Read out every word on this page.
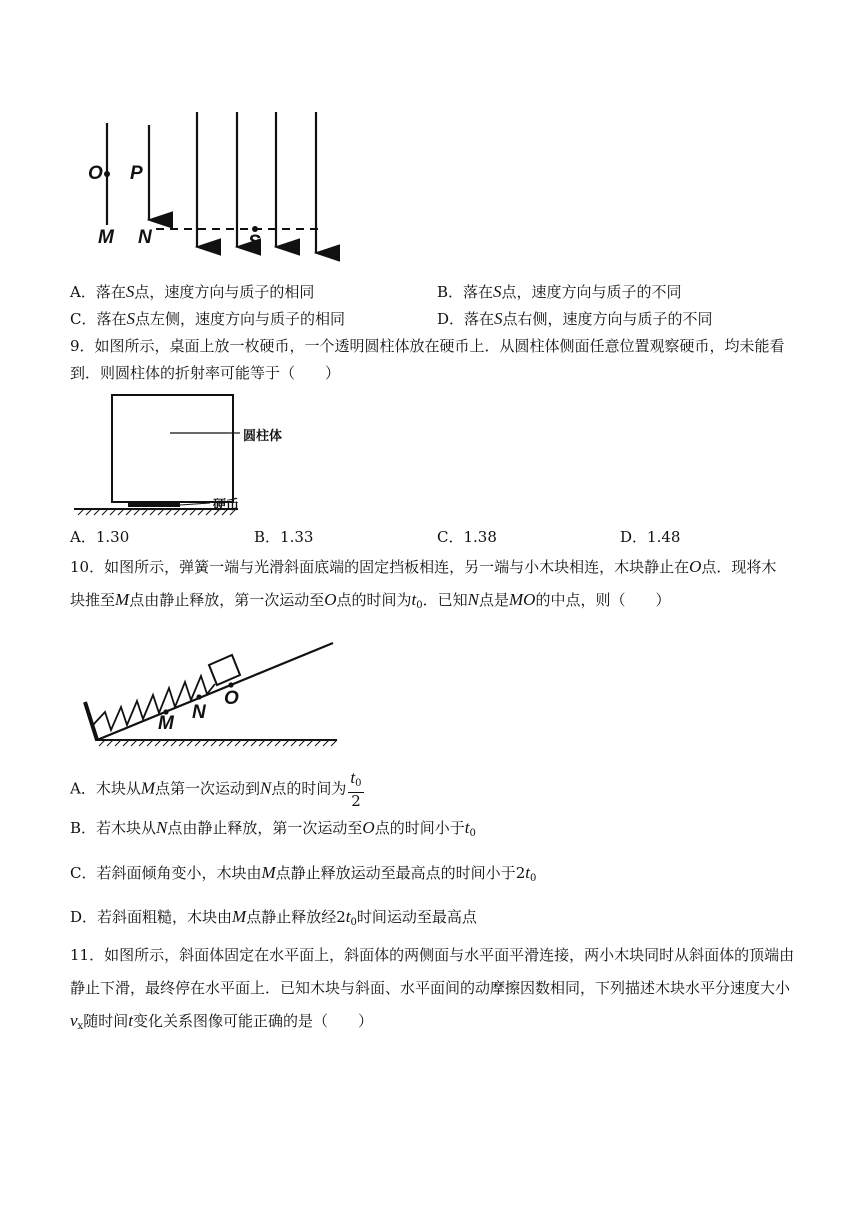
O P
M N	S
A．落在S点，速度方向与质子的相同	B．落在S点，速度方向与质子的不同
C．落在S点左侧，速度方向与质子的相同	D．落在S点右侧，速度方向与质子的不同
9．如图所示，桌面上放一枚硬币，一个透明圆柱体放在硬币上．从圆柱体侧面任意位置观察硬币，均未能看
到．则圆柱体的折射率可能等于（　　）
圆柱体
硬币
A．1.30	B．1.33	C．1.38	D．1.48
10．如图所示，弹簧一端与光滑斜面底端的固定挡板相连，另一端与小木块相连，木块静止在O点．现将木
块推至M点由静止释放，第一次运动至O点的时间为$t_0$．已知N点是MO的中点，则（　　）
M
N
O
A．木块从M点第一次运动到N点的时间为 $\frac{t_0}{2}$
B．若木块从N点由静止释放，第一次运动至O点的时间小于$t_0$
C．若斜面倾角变小，木块由M点静止释放运动至最高点的时间小于$2t_0$
D．若斜面粗糙，木块由M点静止释放经$2t_0$时间运动至最高点
11．如图所示，斜面体固定在水平面上，斜面体的两侧面与水平面平滑连接，两小木块同时从斜面体的顶端由
静止下滑，最终停在水平面上．已知木块与斜面、水平面间的动摩擦因数相同，下列描述木块水平分速度大小
$v_x$随时间t变化关系图像可能正确的是（　　）
